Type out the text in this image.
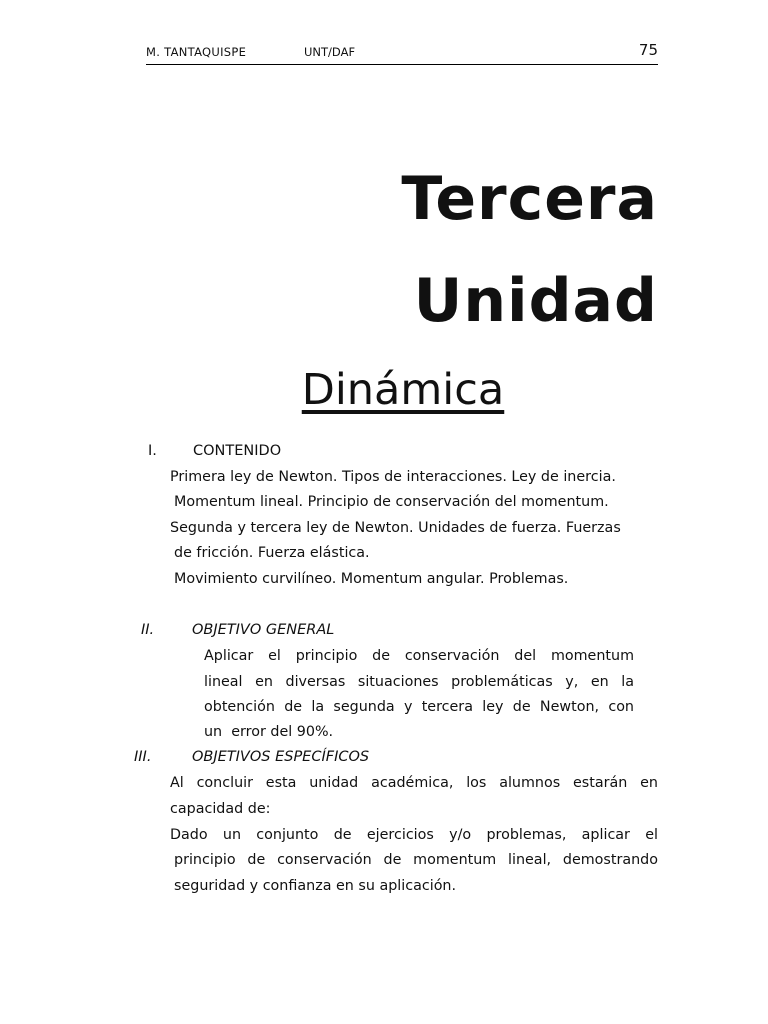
M. TANTAQUISPE	UNT/DAF	75
Tercera
Unidad
Dinámica
I. CONTENIDO
Primera ley de Newton. Tipos de interacciones. Ley de inercia.
Momentum lineal. Principio de conservación del momentum.
Segunda y tercera ley de Newton. Unidades de fuerza. Fuerzas
de fricción. Fuerza elástica.
Movimiento curvilíneo. Momentum angular. Problemas.
II.	OBJETIVO GENERAL
Aplicar el principio de conservación del momentum
lineal en diversas situaciones problemáticas y, en la
obtención de la segunda y tercera ley de Newton, con
un  error del 90%.
III.	OBJETIVOS ESPECÍFICOS
Al concluir esta unidad académica, los alumnos estarán en
capacidad de:
Dado un conjunto de ejercicios y/o problemas, aplicar el
principio de conservación de momentum lineal, demostrando
seguridad y confianza en su aplicación.
